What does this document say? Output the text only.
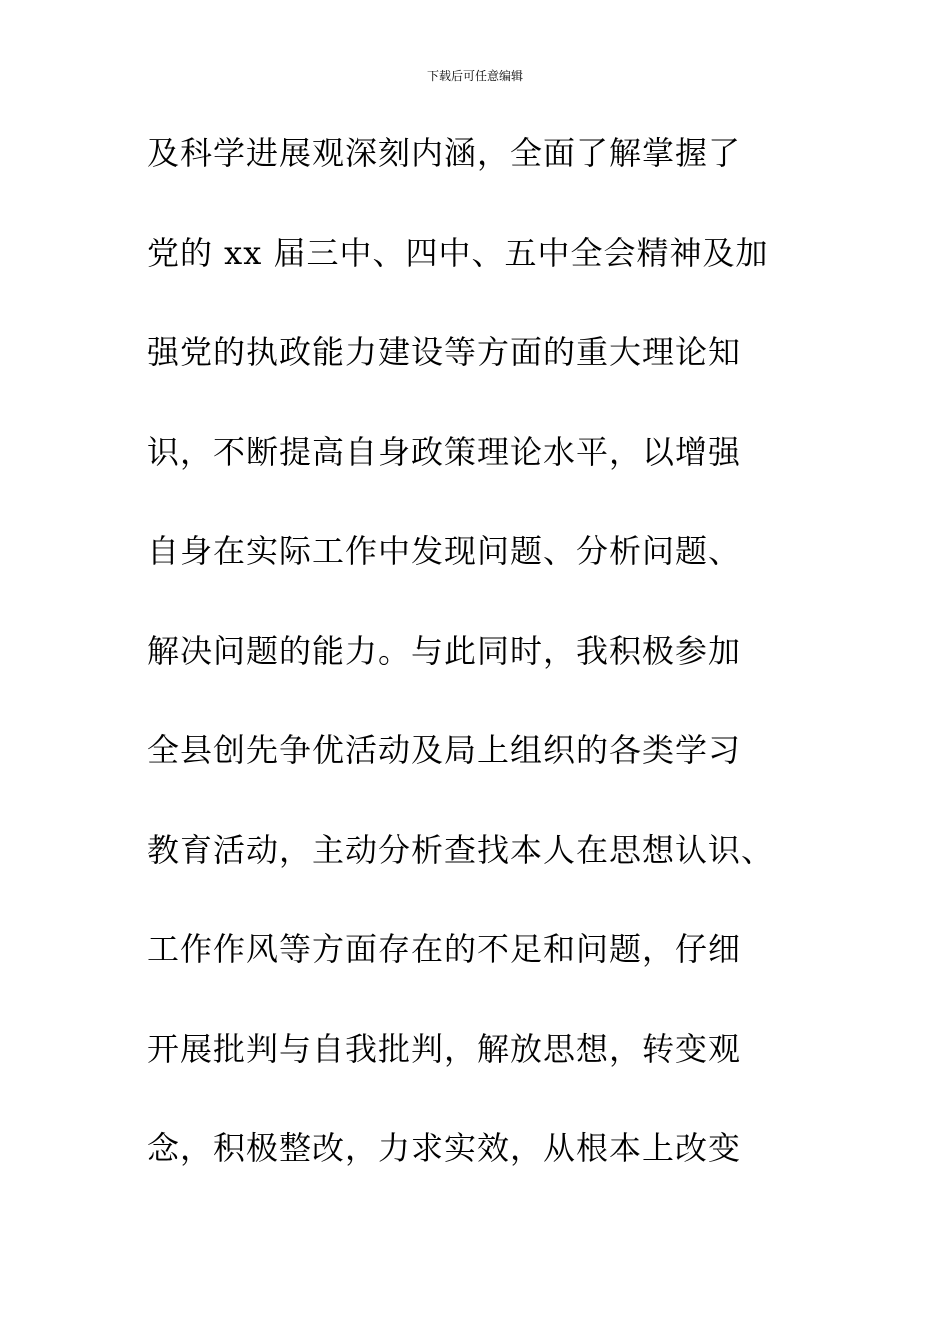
下载后可任意编辑
及科学进展观深刻内涵，全面了解掌握了
党的 xx 届三中、四中、五中全会精神及加
强党的执政能力建设等方面的重大理论知
识，不断提高自身政策理论水平，以增强
自身在实际工作中发现问题、分析问题、
解决问题的能力。与此同时，我积极参加
全县创先争优活动及局上组织的各类学习
教育活动，主动分析查找本人在思想认识、
工作作风等方面存在的不足和问题，仔细
开展批判与自我批判，解放思想，转变观
念，积极整改，力求实效，从根本上改变
